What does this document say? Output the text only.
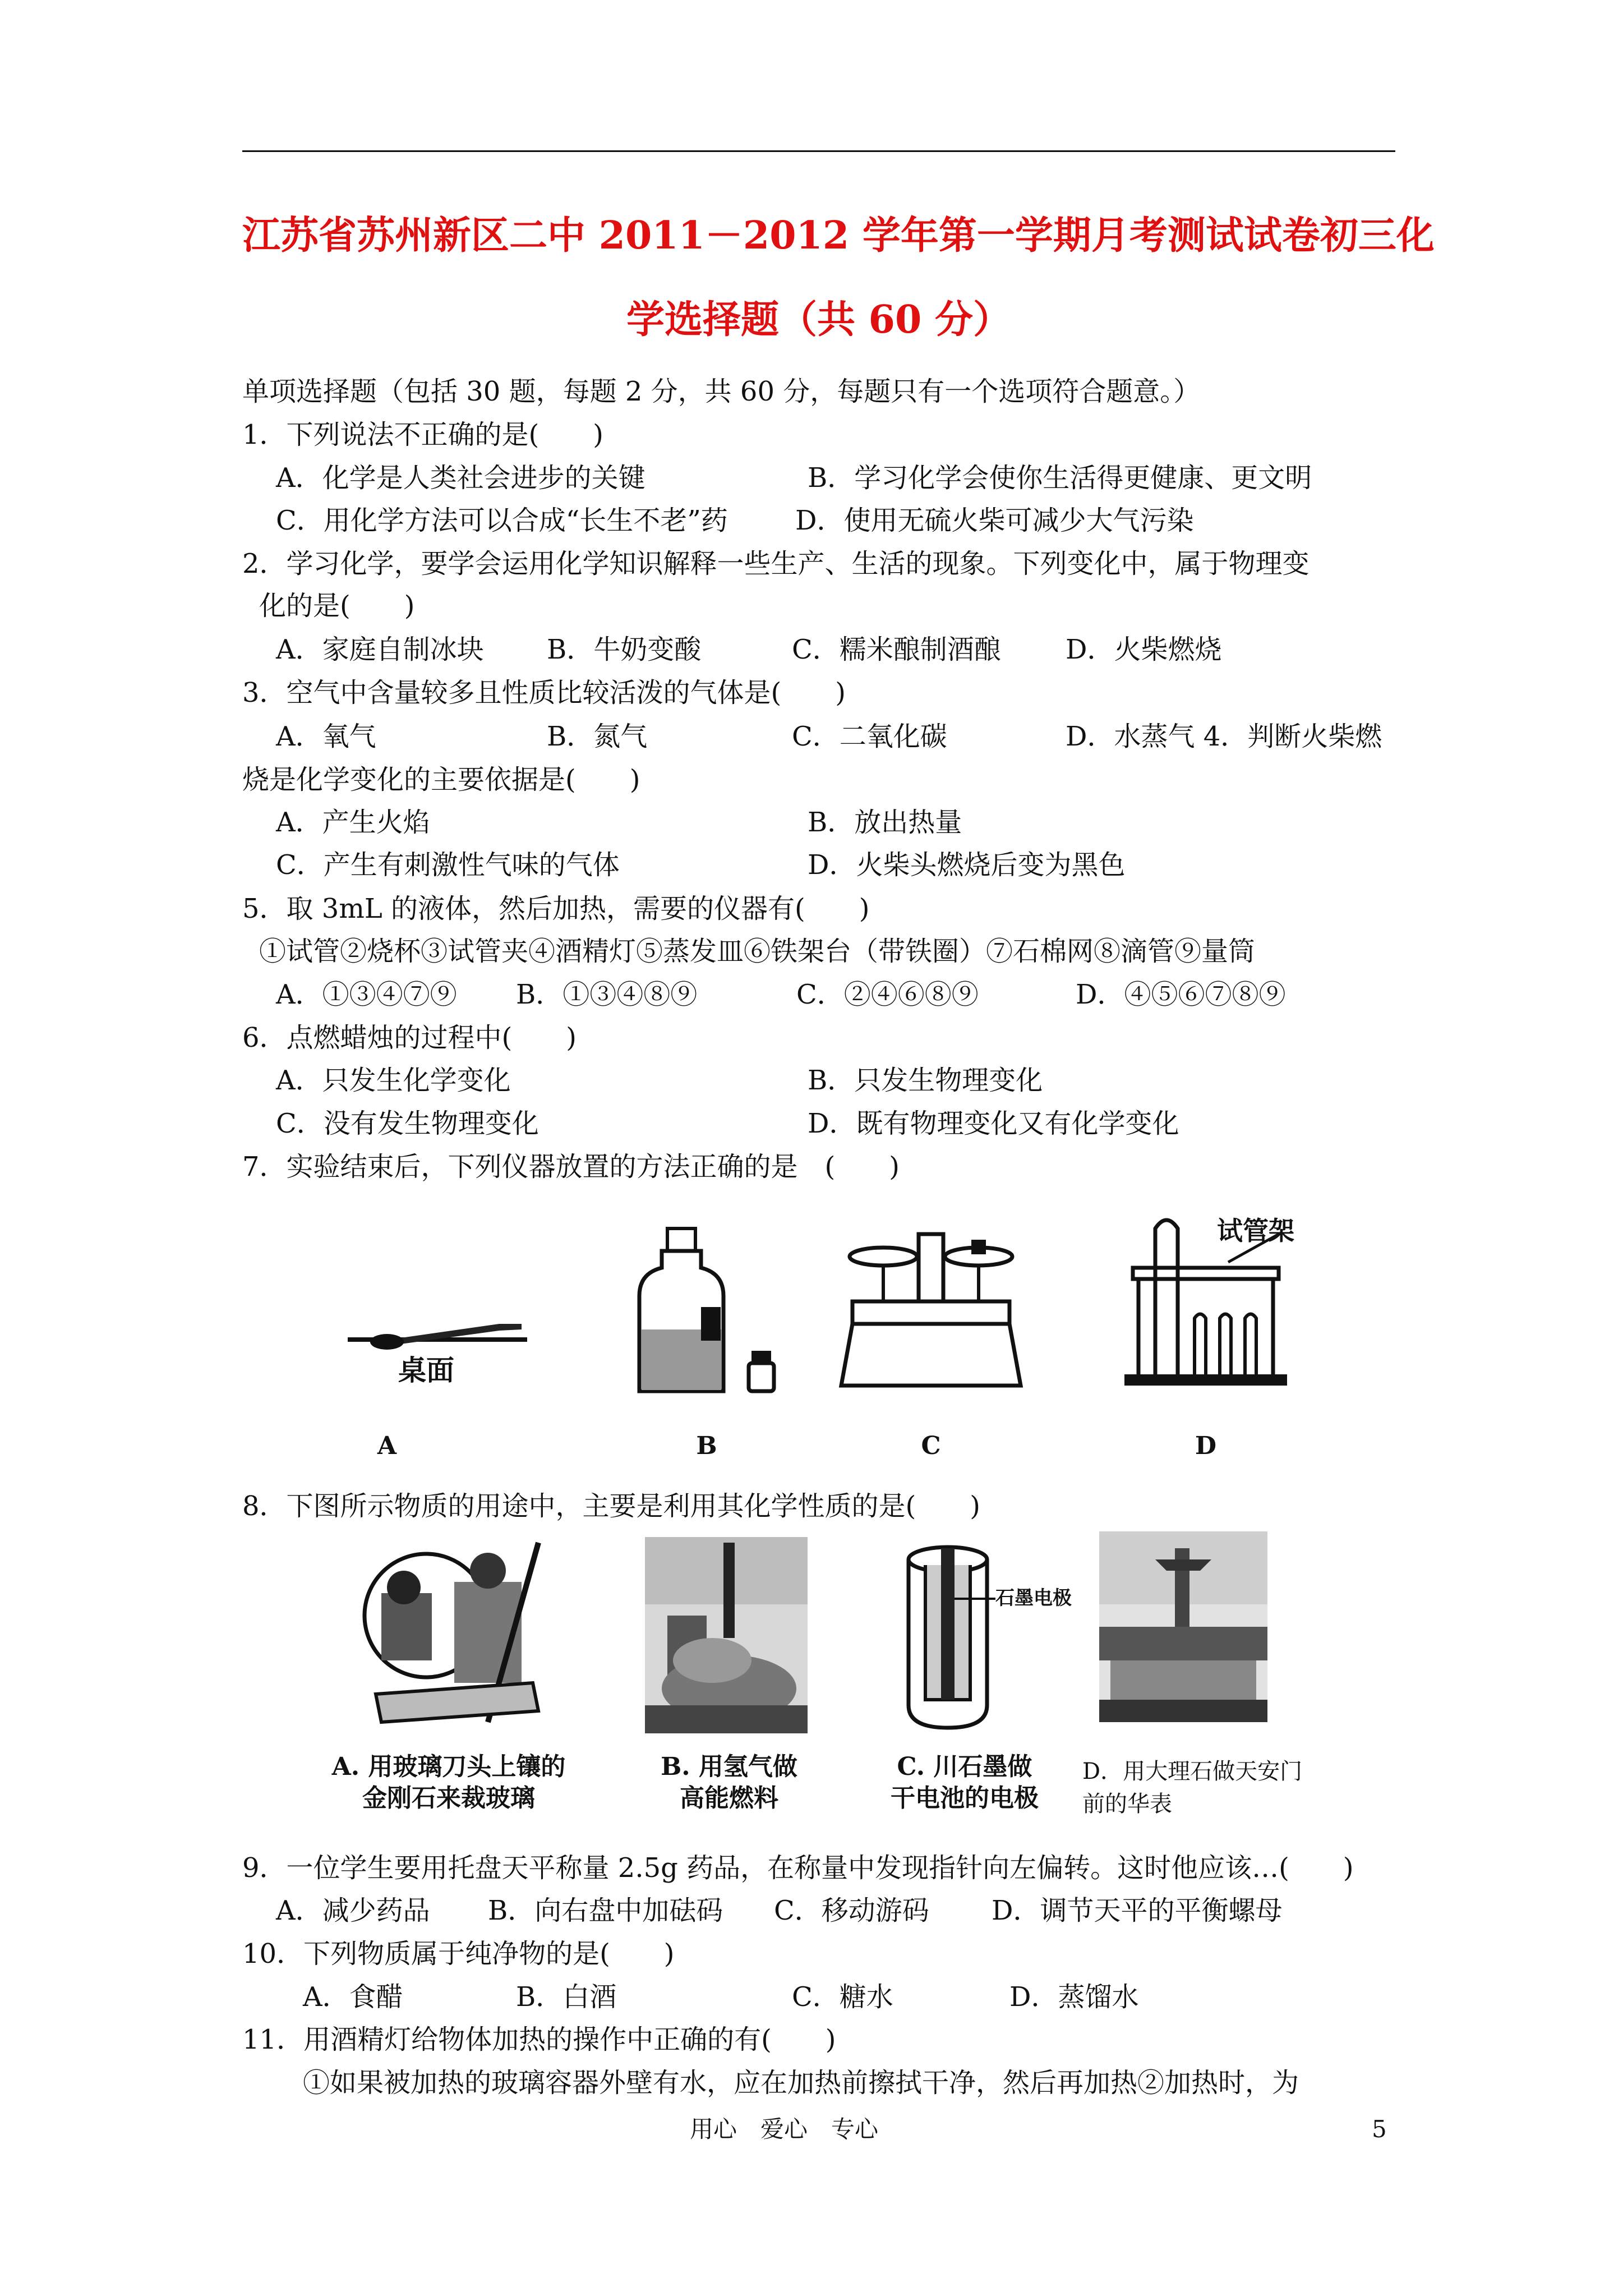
江苏省苏州新区二中 2011－2012 学年第一学期月考测试试卷初三化
学选择题（共 60 分）
单项选择题（包括 30 题，每题 2 分，共 60 分，每题只有一个选项符合题意。）
1．下列说法不正确的是(　　)
A．化学是人类社会进步的关键	B．学习化学会使你生活得更健康、更文明
C．用化学方法可以合成“长生不老”药	D．使用无硫火柴可减少大气污染
2．学习化学，要学会运用化学知识解释一些生产、生活的现象。下列变化中，属于物理变
化的是(　　)
A．家庭自制冰块 B．牛奶变酸	C．糯米酿制酒酿 D．火柴燃烧
3．空气中含量较多且性质比较活泼的气体是(　　)
A．氧气	B．氮气	C．二氧化碳	D．水蒸气 4．判断火柴燃
烧是化学变化的主要依据是(　　)
A．产生火焰	B．放出热量
C．产生有刺激性气味的气体	D．火柴头燃烧后变为黑色
5．取 3mL 的液体，然后加热，需要的仪器有(　　)
①试管②烧杯③试管夹④酒精灯⑤蒸发皿⑥铁架台（带铁圈）⑦石棉网⑧滴管⑨量筒
A．①③④⑦⑨ B．①③④⑧⑨	C．②④⑥⑧⑨	D．④⑤⑥⑦⑧⑨
6．点燃蜡烛的过程中(　　)
A．只发生化学变化	B．只发生物理变化
C．没有发生物理变化	D．既有物理变化又有化学变化
7．实验结束后，下列仪器放置的方法正确的是　(　　)
桌面
A	B	C
试管架
D
8．下图所示物质的用途中，主要是利用其化学性质的是(　　)
A. 用玻璃刀头上镶的
金刚石来裁玻璃
B. 用氢气做
高能燃料
石墨电极
C. 川石墨做
干电池的电极
D．用大理石做天安门
前的华表
9．一位学生要用托盘天平称量 2.5g 药品，在称量中发现指针向左偏转。这时他应该…(　　)
A．减少药品 B．向右盘中加砝码 C．移动游码 D．调节天平的平衡螺母
10．下列物质属于纯净物的是(　　)
A．食醋	B．白酒	C．糖水	D．蒸馏水
11．用酒精灯给物体加热的操作中正确的有(　　)
①如果被加热的玻璃容器外壁有水，应在加热前擦拭干净，然后再加热②加热时，为
用心　爱心　专心	5
